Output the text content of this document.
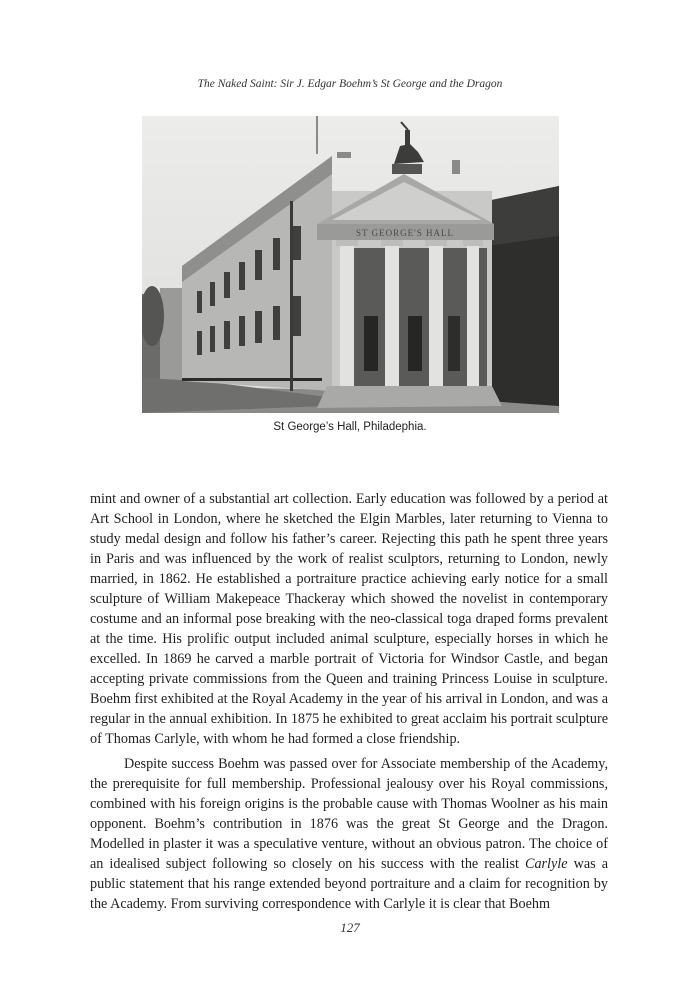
The Naked Saint: Sir J. Edgar Boehm’s St George and the Dragon
ST GEORGE'S HALL
St George’s Hall, Philadephia.

mint and owner of a substantial art collection. Early education was followed by a period at Art School in London, where he sketched the Elgin Marbles, later returning to Vienna to study medal design and follow his father’s career. Rejecting this path he spent three years in Paris and was influenced by the work of realist sculptors, returning to London, newly married, in 1862. He established a portraiture practice achieving early notice for a small sculpture of William Makepeace Thackeray which showed the novelist in contemporary costume and an informal pose breaking with the neo-classical toga draped forms prevalent at the time. His prolific output included animal sculpture, especially horses in which he excelled. In 1869 he carved a marble portrait of Victoria for Windsor Castle, and began accepting private commissions from the Queen and training Princess Louise in sculpture. Boehm first exhibited at the Royal Academy in the year of his arrival in London, and was a regular in the annual exhibition. In 1875 he exhibited to great acclaim his portrait sculpture of Thomas Carlyle, with whom he had formed a close friendship.

Despite success Boehm was passed over for Associate membership of the Academy, the prerequisite for full membership. Professional jealousy over his Royal commissions, combined with his foreign origins is the probable cause with Thomas Woolner as his main opponent. Boehm’s contribution in 1876 was the great St George and the Dragon. Modelled in plaster it was a speculative venture, without an obvious patron. The choice of an idealised subject following so closely on his success with the realist Carlyle was a public statement that his range extended beyond portraiture and a claim for recognition by the Academy. From surviving correspondence with Carlyle it is clear that Boehm

127
